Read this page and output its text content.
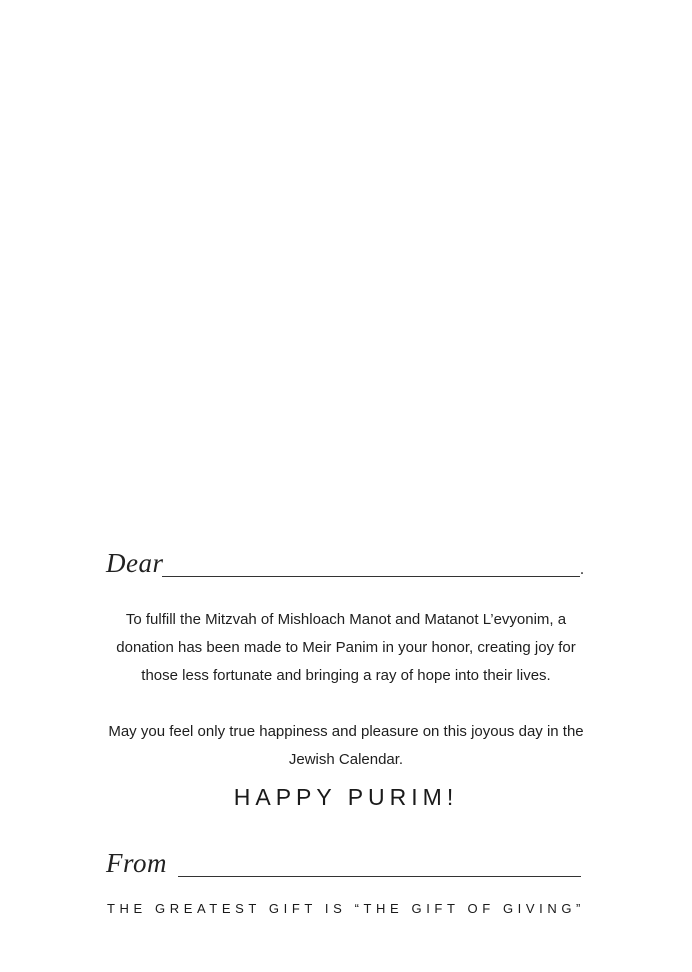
Dear	.
To fulfill the Mitzvah of Mishloach Manot and Matanot L’evyonim, a donation has been made to Meir Panim in your honor, creating joy for those less fortunate and bringing a ray of hope into their lives.
May you feel only true happiness and pleasure on this joyous day in the Jewish Calendar.
HAPPY PURIM!
From
THE GREATEST GIFT IS “THE GIFT OF GIVING”
